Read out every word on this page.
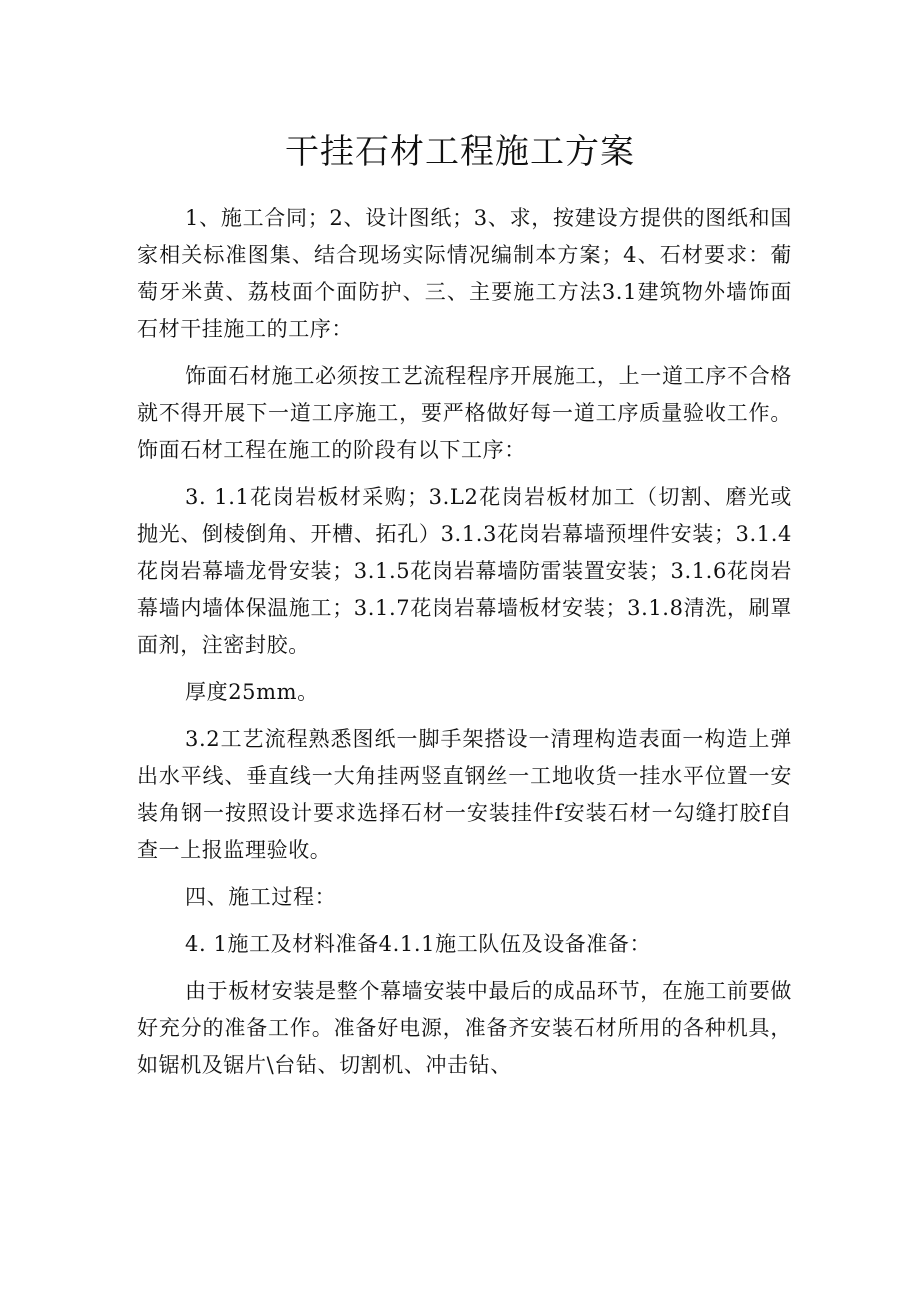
干挂石材工程施工方案

1、施工合同；2、设计图纸；3、求，按建设方提供的图纸和国家相关标准图集、结合现场实际情况编制本方案；4、石材要求：葡萄牙米黄、荔枝面个面防护、三、主要施工方法3.1建筑物外墙饰面石材干挂施工的工序：

饰面石材施工必须按工艺流程程序开展施工，上一道工序不合格就不得开展下一道工序施工，要严格做好每一道工序质量验收工作。饰面石材工程在施工的阶段有以下工序：

3. 1.1花岗岩板材采购；3.L2花岗岩板材加工（切割、磨光或抛光、倒棱倒角、开槽、拓孔）3.1.3花岗岩幕墙预埋件安装；3.1.4花岗岩幕墙龙骨安装；3.1.5花岗岩幕墙防雷装置安装；3.1.6花岗岩幕墙内墙体保温施工；3.1.7花岗岩幕墙板材安装；3.1.8清洗，刷罩面剂，注密封胶。

厚度25mm。

3.2工艺流程熟悉图纸一脚手架搭设一清理构造表面一构造上弹出水平线、垂直线一大角挂两竖直钢丝一工地收货一挂水平位置一安装角钢一按照设计要求选择石材一安装挂件f安装石材一勾缝打胶f自查一上报监理验收。

四、施工过程：

4. 1施工及材料准备4.1.1施工队伍及设备准备：

由于板材安装是整个幕墙安装中最后的成品环节，在施工前要做好充分的准备工作。准备好电源，准备齐安装石材所用的各种机具，如锯机及锯片\台钻、切割机、冲击钻、
